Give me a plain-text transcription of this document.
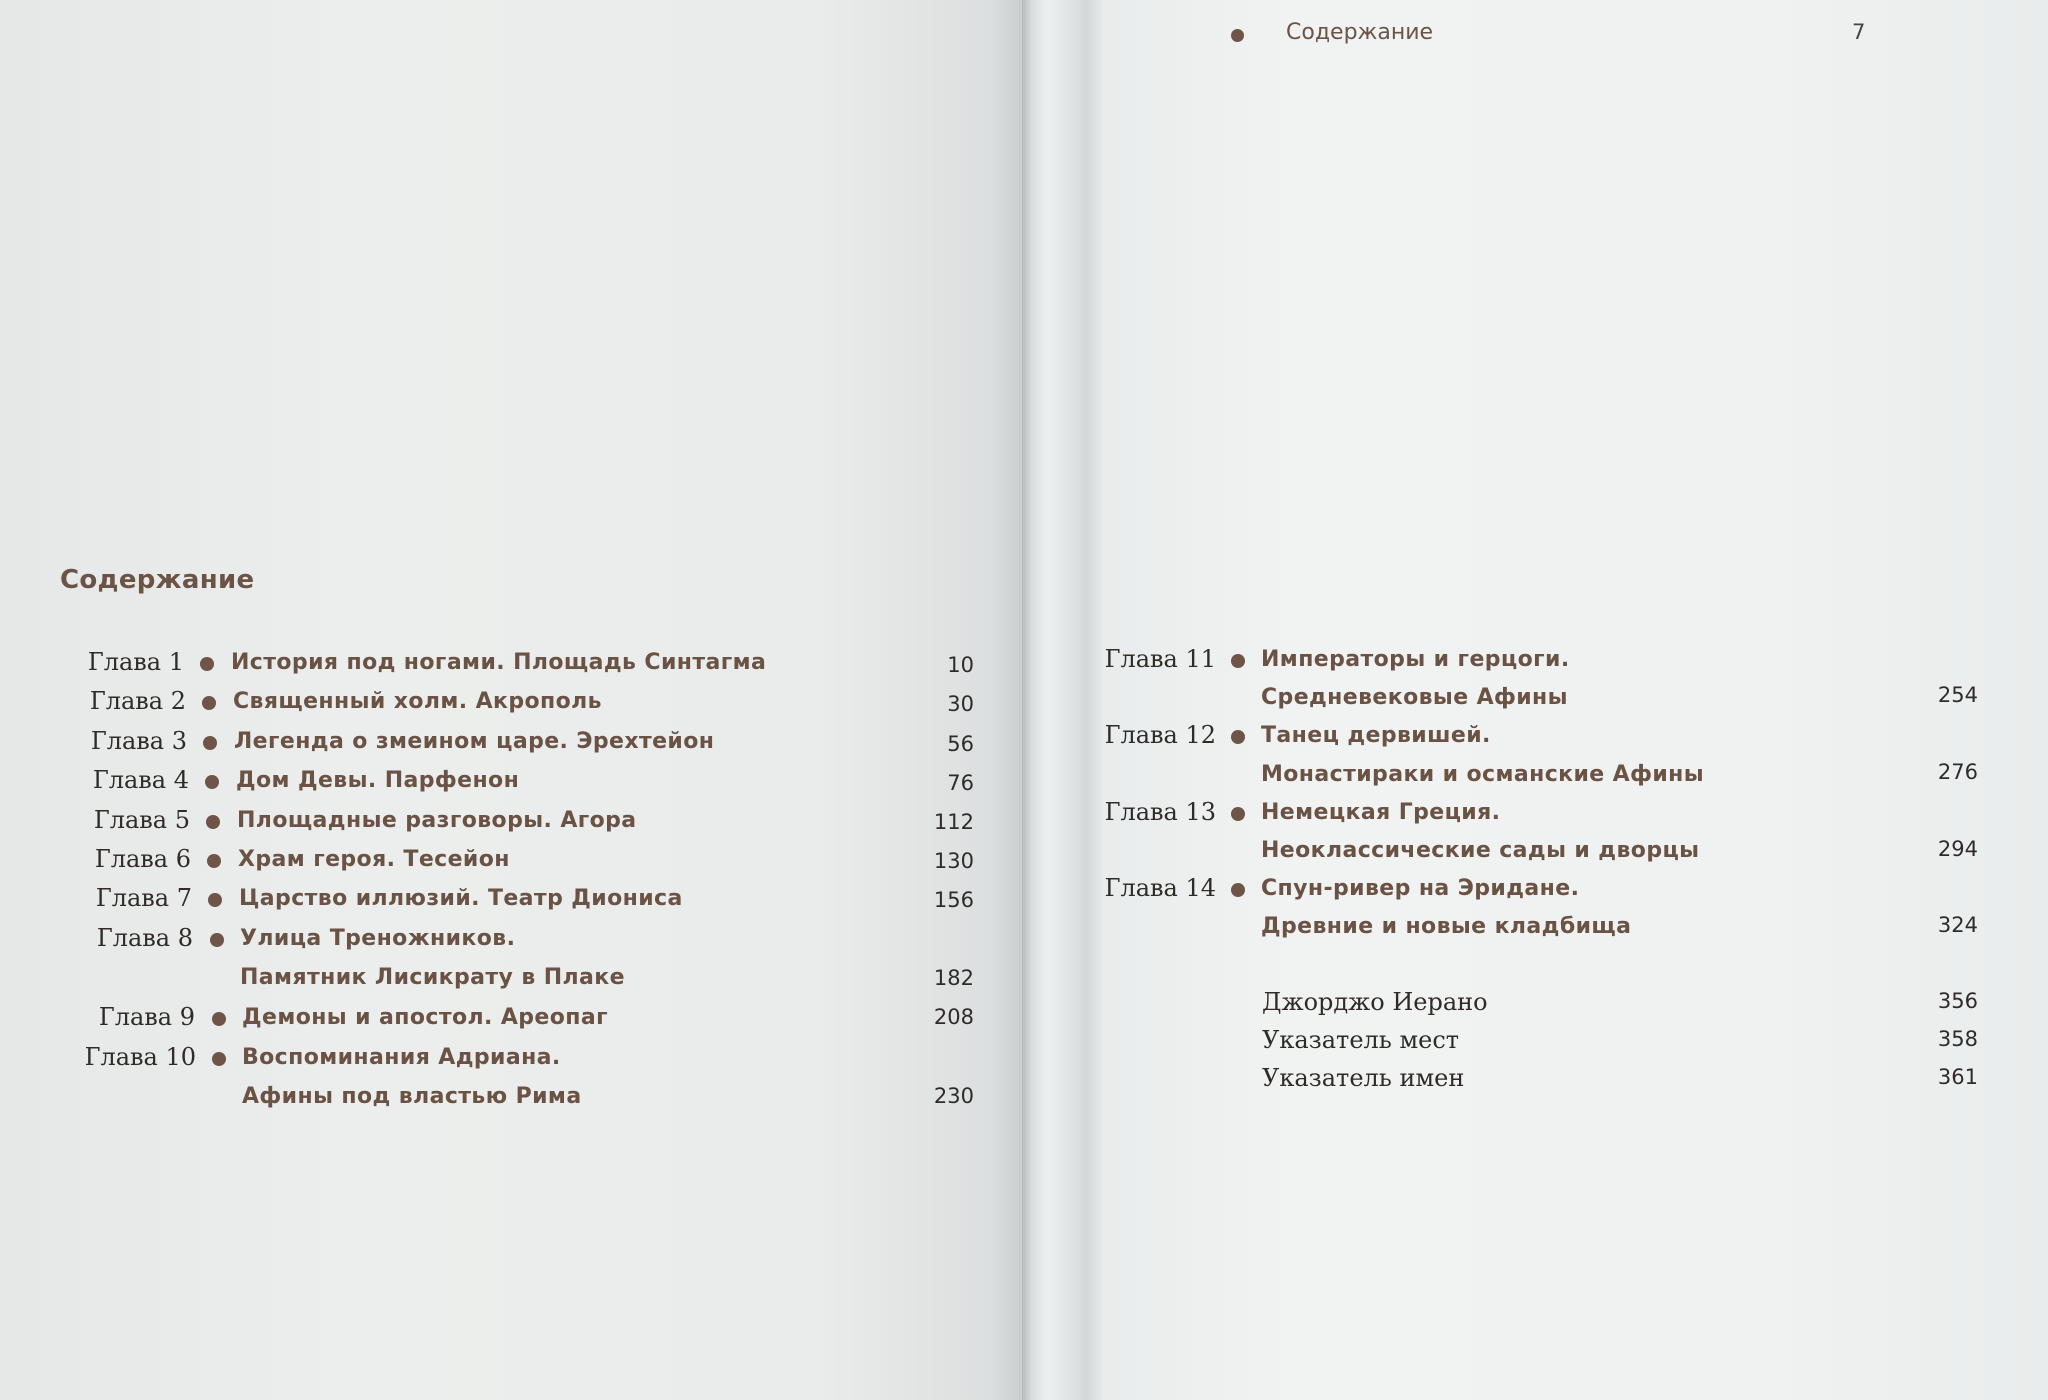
Содержание
Глава 1 История под ногами. Площадь Синтагма	10
Глава 2 Священный холм. Акрополь	30
Глава 3 Легенда о змеином царе. Эрехтейон	56
Глава 4 Дом Девы. Парфенон	76
Глава 5 Площадные разговоры. Агора	112
Глава 6 Храм героя. Тесейон	130
Глава 7 Царство иллюзий. Театр Диониса	156
Глава 8 Улица Треножников.
Памятник Лисикрату в Плаке	182
Глава 9 Демоны и апостол. Ареопаг	208
Глава 10 Воспоминания Адриана.
Афины под властью Рима	230
Содержание	7
Глава 11 Императоры и герцоги.
Средневековые Афины	254
Глава 12 Танец дервишей.
Монастираки и османские Афины	276
Глава 13 Немецкая Греция.
Неоклассические сады и дворцы	294
Глава 14 Спун-ривер на Эридане.
Древние и новые кладбища	324
Джорджо Иерано	356
Указатель мест	358
Указатель имен	361
